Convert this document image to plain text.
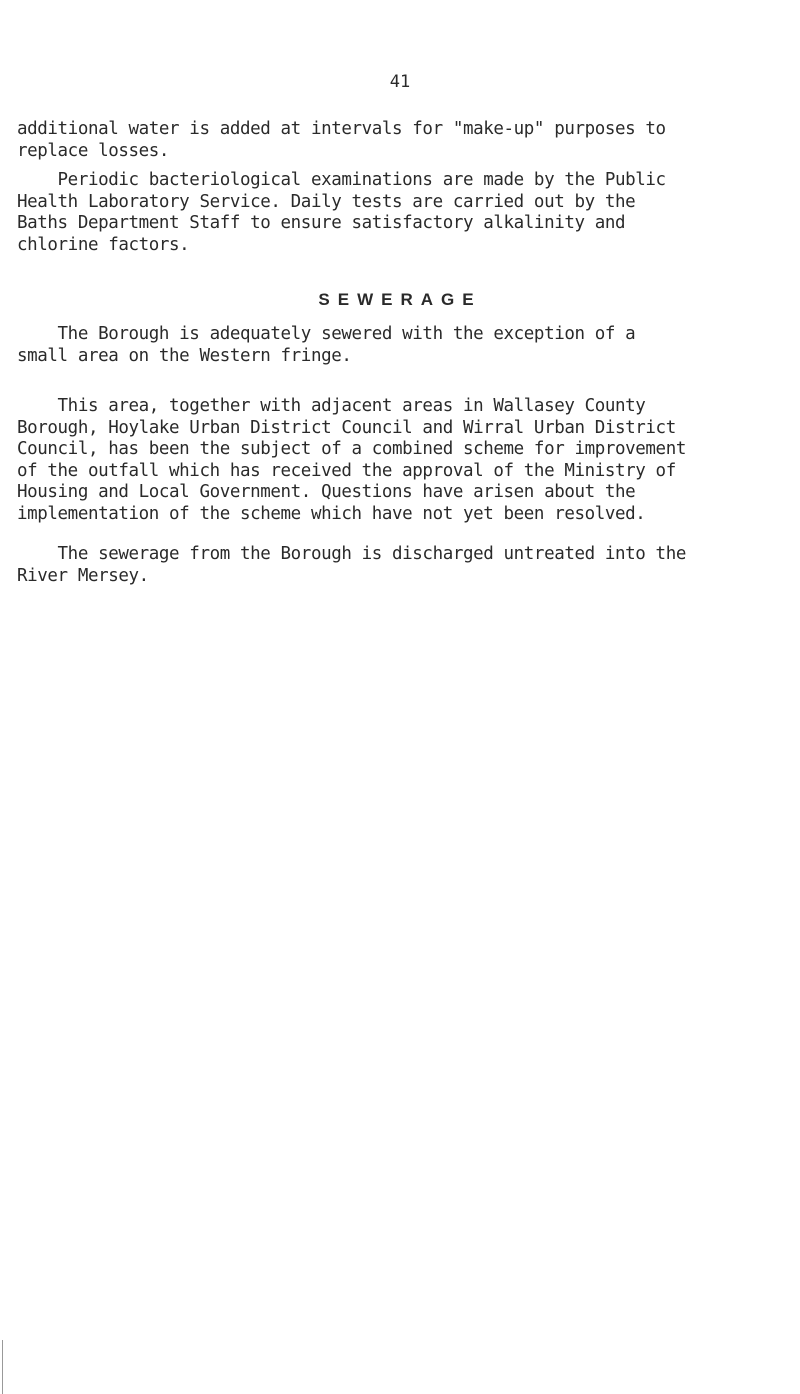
41
additional water is added at intervals for "make-up" purposes to
replace losses.
Periodic bacteriological examinations are made by the Public
Health Laboratory Service. Daily tests are carried out by the
Baths Department Staff to ensure satisfactory alkalinity and
chlorine factors.
SEWERAGE
The Borough is adequately sewered with the exception of a
small area on the Western fringe.
This area, together with adjacent areas in Wallasey County
Borough, Hoylake Urban District Council and Wirral Urban District
Council, has been the subject of a combined scheme for improvement
of the outfall which has received the approval of the Ministry of
Housing and Local Government. Questions have arisen about the
implementation of the scheme which have not yet been resolved.
The sewerage from the Borough is discharged untreated into the
River Mersey.
